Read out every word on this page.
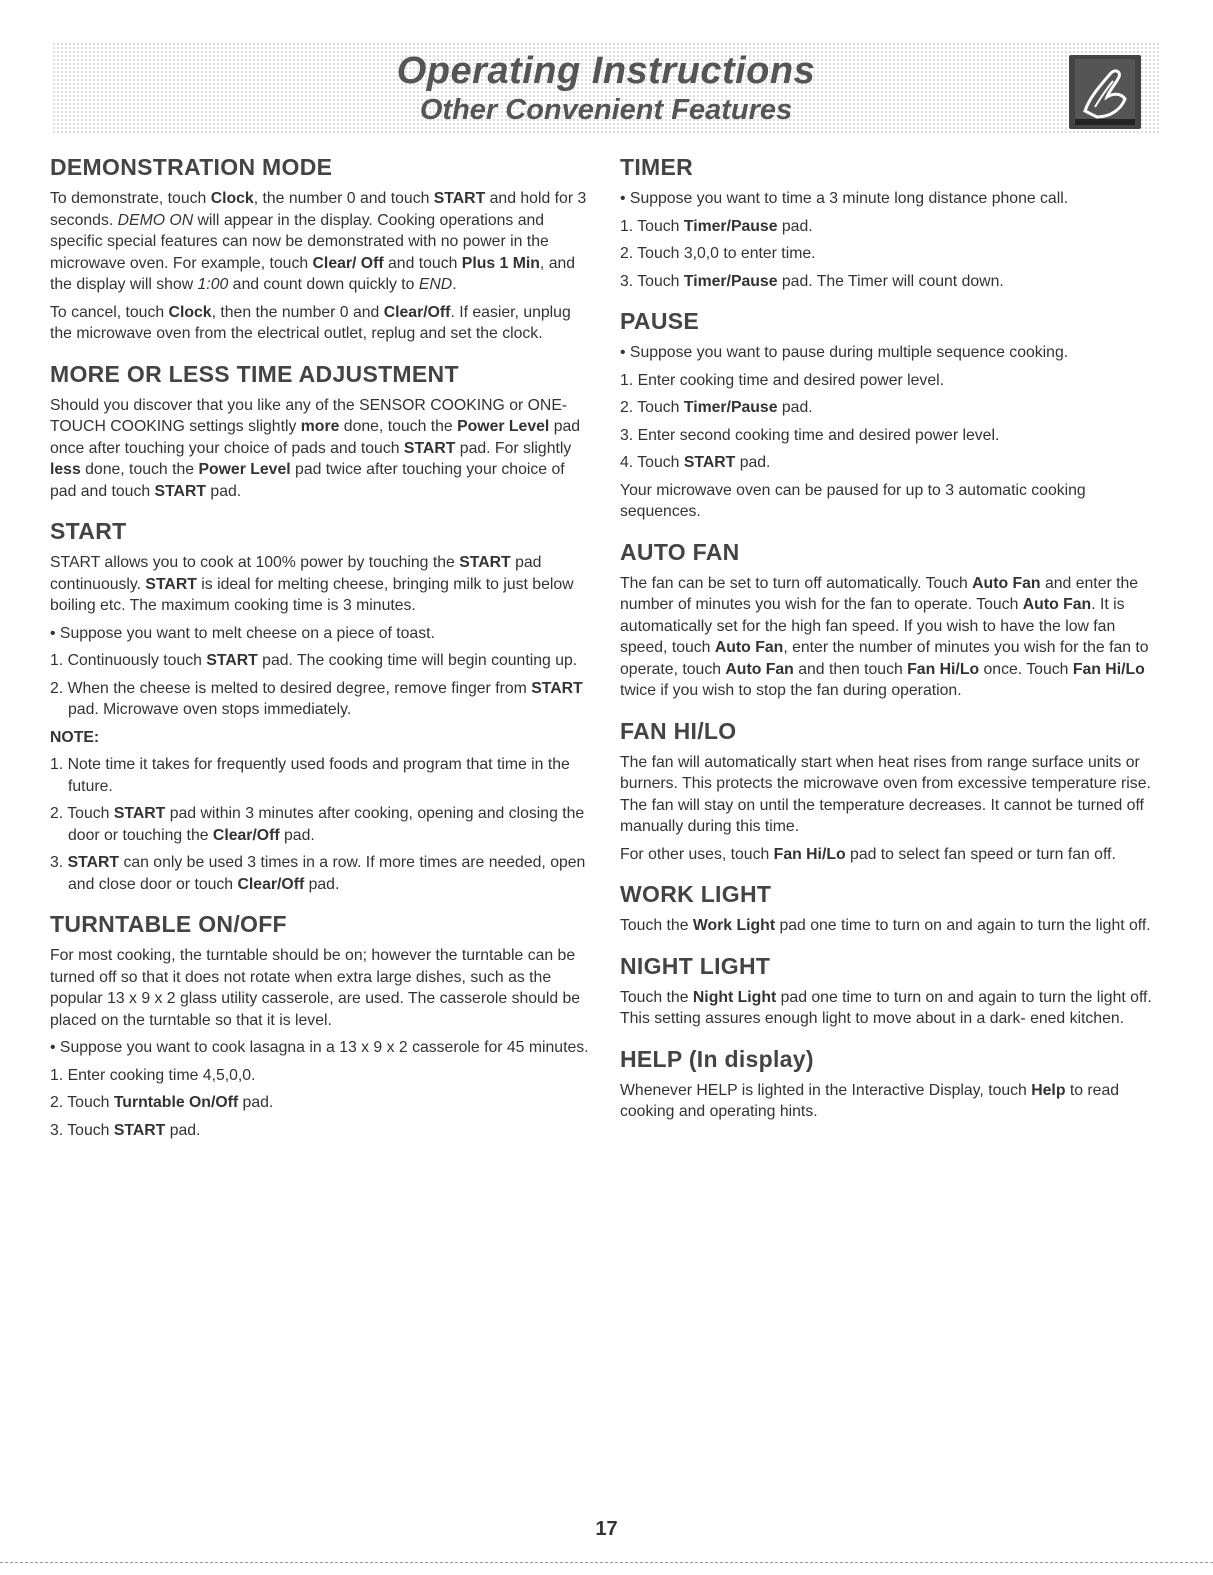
Operating Instructions
Other Convenient Features
DEMONSTRATION MODE

To demonstrate, touch Clock, the number 0 and touch START and hold for 3 seconds. DEMO ON will appear in the display. Cooking operations and specific special features can now be demonstrated with no power in the microwave oven. For example, touch Clear/ Off and touch Plus 1 Min, and the display will show 1:00 and count down quickly to END.

To cancel, touch Clock, then the number 0 and Clear/Off. If easier, unplug the microwave oven from the electrical outlet, replug and set the clock.

MORE OR LESS TIME ADJUSTMENT

Should you discover that you like any of the SENSOR COOKING or ONE-TOUCH COOKING settings slightly more done, touch the Power Level pad once after touching your choice of pads and touch START pad. For slightly less done, touch the Power Level pad twice after touching your choice of pad and touch START pad.

START

START allows you to cook at 100% power by touching the START pad continuously. START is ideal for melting cheese, bringing milk to just below boiling etc. The maximum cooking time is 3 minutes.

• Suppose you want to melt cheese on a piece of toast.

1. Continuously touch START pad. The cooking time will begin counting up.

2. When the cheese is melted to desired degree, remove finger from START pad. Microwave oven stops immediately.

NOTE:

1. Note time it takes for frequently used foods and program that time in the future.

2. Touch START pad within 3 minutes after cooking, opening and closing the door or touching the Clear/Off pad.

3. START can only be used 3 times in a row. If more times are needed, open and close door or touch Clear/Off pad.

TURNTABLE ON/OFF

For most cooking, the turntable should be on; however the turntable can be turned off so that it does not rotate when extra large dishes, such as the popular 13 x 9 x 2 glass utility casserole, are used. The casserole should be placed on the turntable so that it is level.

• Suppose you want to cook lasagna in a 13 x 9 x 2 casserole for 45 minutes.

1. Enter cooking time 4,5,0,0.

2. Touch Turntable On/Off pad.

3. Touch START pad.

TIMER

• Suppose you want to time a 3 minute long distance phone call.

1. Touch Timer/Pause pad.

2. Touch 3,0,0 to enter time.

3. Touch Timer/Pause pad. The Timer will count down.

PAUSE

• Suppose you want to pause during multiple sequence cooking.

1. Enter cooking time and desired power level.

2. Touch Timer/Pause pad.

3. Enter second cooking time and desired power level.

4. Touch START pad.

Your microwave oven can be paused for up to 3 automatic cooking sequences.

AUTO FAN

The fan can be set to turn off automatically. Touch Auto Fan and enter the number of minutes you wish for the fan to operate. Touch Auto Fan. It is automatically set for the high fan speed. If you wish to have the low fan speed, touch Auto Fan, enter the number of minutes you wish for the fan to operate, touch Auto Fan and then touch Fan Hi/Lo once. Touch Fan Hi/Lo twice if you wish to stop the fan during operation.

FAN HI/LO

The fan will automatically start when heat rises from range surface units or burners. This protects the microwave oven from excessive temperature rise. The fan will stay on until the temperature decreases. It cannot be turned off manually during this time.

For other uses, touch Fan Hi/Lo pad to select fan speed or turn fan off.

WORK LIGHT

Touch the Work Light pad one time to turn on and again to turn the light off.

NIGHT LIGHT

Touch the Night Light pad one time to turn on and again to turn the light off. This setting assures enough light to move about in a dark- ened kitchen.

HELP (In display)

Whenever HELP is lighted in the Interactive Display, touch Help to read cooking and operating hints.

17
